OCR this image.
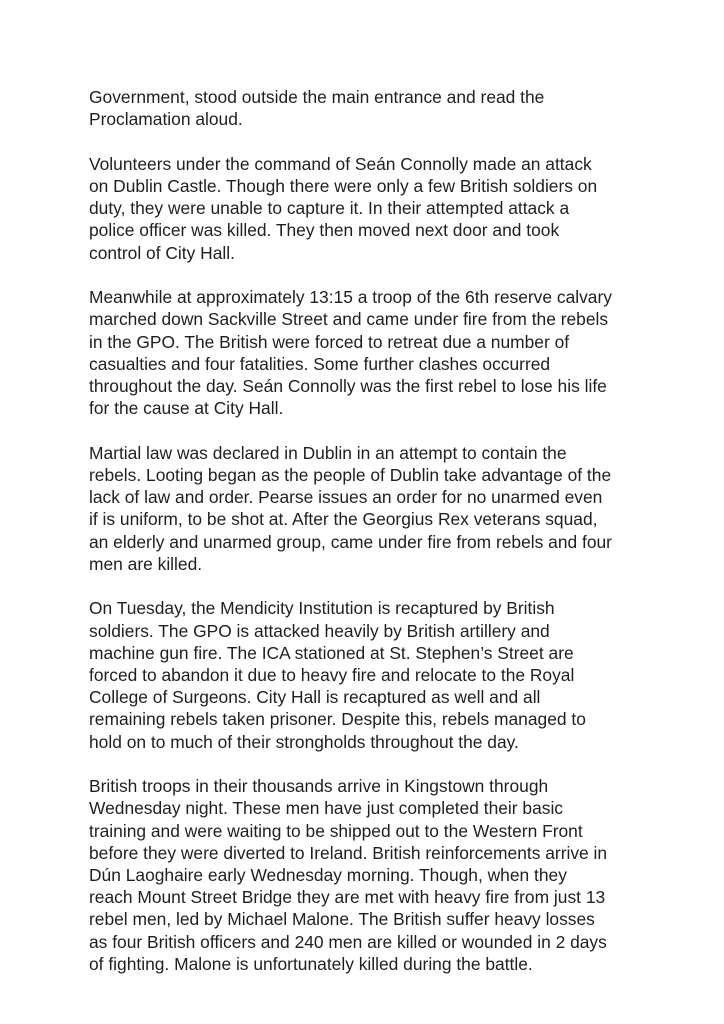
Government, stood outside the main entrance and read the
Proclamation aloud.

Volunteers under the command of Seán Connolly made an attack
on Dublin Castle. Though there were only a few British soldiers on
duty, they were unable to capture it. In their attempted attack a
police officer was killed. They then moved next door and took
control of City Hall.

Meanwhile at approximately 13:15 a troop of the 6th reserve calvary
marched down Sackville Street and came under fire from the rebels
in the GPO. The British were forced to retreat due a number of
casualties and four fatalities. Some further clashes occurred
throughout the day. Seán Connolly was the first rebel to lose his life
for the cause at City Hall.

Martial law was declared in Dublin in an attempt to contain the
rebels. Looting began as the people of Dublin take advantage of the
lack of law and order. Pearse issues an order for no unarmed even
if is uniform, to be shot at. After the Georgius Rex veterans squad,
an elderly and unarmed group, came under fire from rebels and four
men are killed.

On Tuesday, the Mendicity Institution is recaptured by British
soldiers. The GPO is attacked heavily by British artillery and
machine gun fire. The ICA stationed at St. Stephen’s Street are
forced to abandon it due to heavy fire and relocate to the Royal
College of Surgeons. City Hall is recaptured as well and all
remaining rebels taken prisoner. Despite this, rebels managed to
hold on to much of their strongholds throughout the day.

British troops in their thousands arrive in Kingstown through
Wednesday night. These men have just completed their basic
training and were waiting to be shipped out to the Western Front
before they were diverted to Ireland. British reinforcements arrive in
Dún Laoghaire early Wednesday morning. Though, when they
reach Mount Street Bridge they are met with heavy fire from just 13
rebel men, led by Michael Malone. The British suffer heavy losses
as four British officers and 240 men are killed or wounded in 2 days
of fighting. Malone is unfortunately killed during the battle.
